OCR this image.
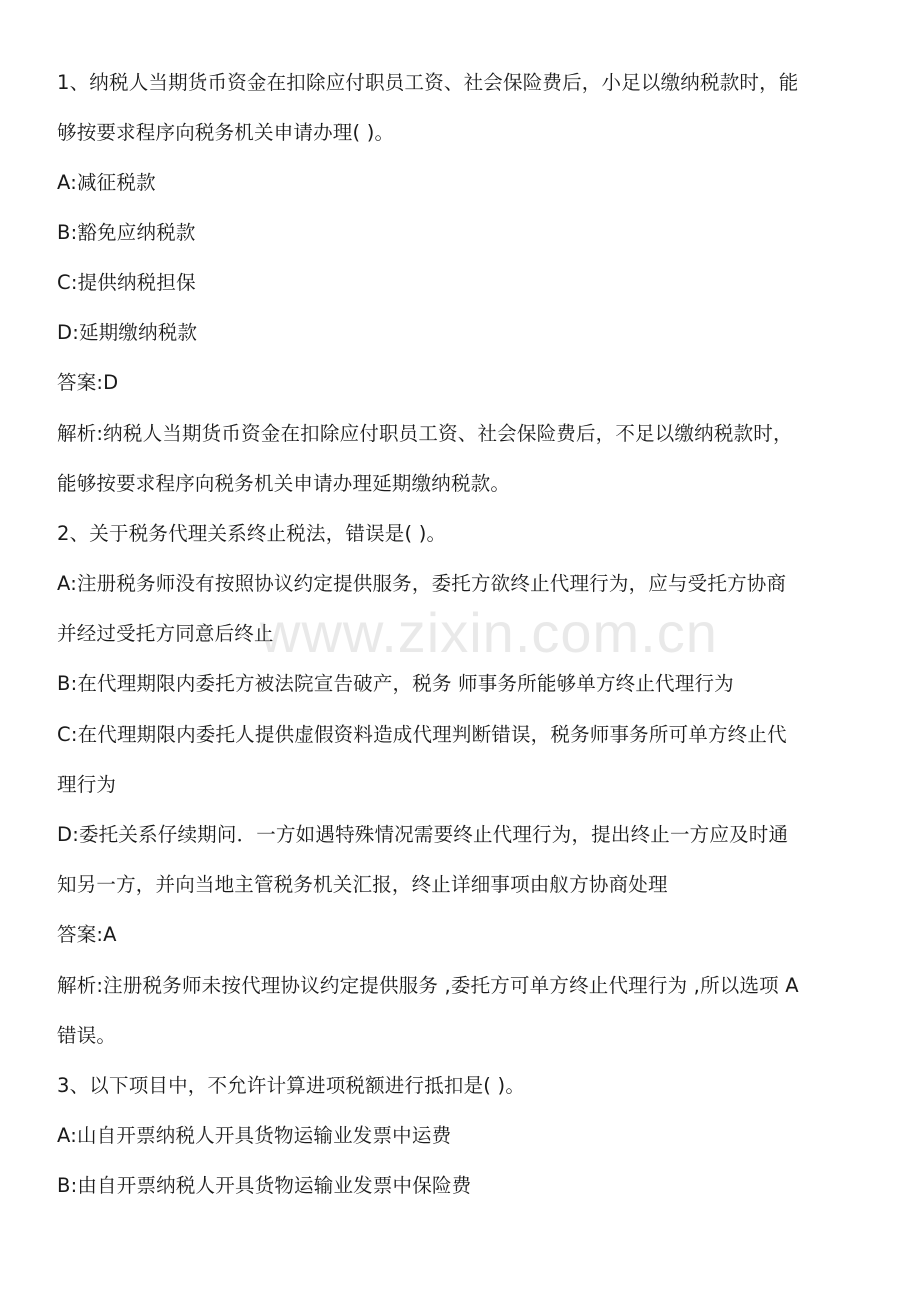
1、纳税人当期货币资金在扣除应付职员工资、社会保险费后，小足以缴纳税款时，能
够按要求程序向税务机关申请办理( )。
A:减征税款
B:豁免应纳税款
C:提供纳税担保
D:延期缴纳税款
答案:D
解析:纳税人当期货币资金在扣除应付职员工资、社会保险费后，不足以缴纳税款时，
能够按要求程序向税务机关申请办理延期缴纳税款。
2、关于税务代理关系终止税法，错误是( )。
A:注册税务师没有按照协议约定提供服务，委托方欲终止代理行为，应与受托方协商
并经过受托方同意后终止
B:在代理期限内委托方被法院宣告破产，税务 师事务所能够单方终止代理行为
C:在代理期限内委托人提供虚假资料造成代理判断错误，税务师事务所可单方终止代
理行为
D:委托关系仔续期问．一方如遇特殊情况需要终止代理行为，提出终止一方应及时通
知另一方，并向当地主管税务机关汇报，终止详细事项由舣方协商处理
答案:A
解析:注册税务师未按代理协议约定提供服务 ,委托方可单方终止代理行为 ,所以选项 A
错误。
3、以下项目中，不允许计算进项税额进行抵扣是( )。
A:山自开票纳税人开具货物运输业发票中运费
B:由自开票纳税人开具货物运输业发票中保险费
www.zixin.com.cn
